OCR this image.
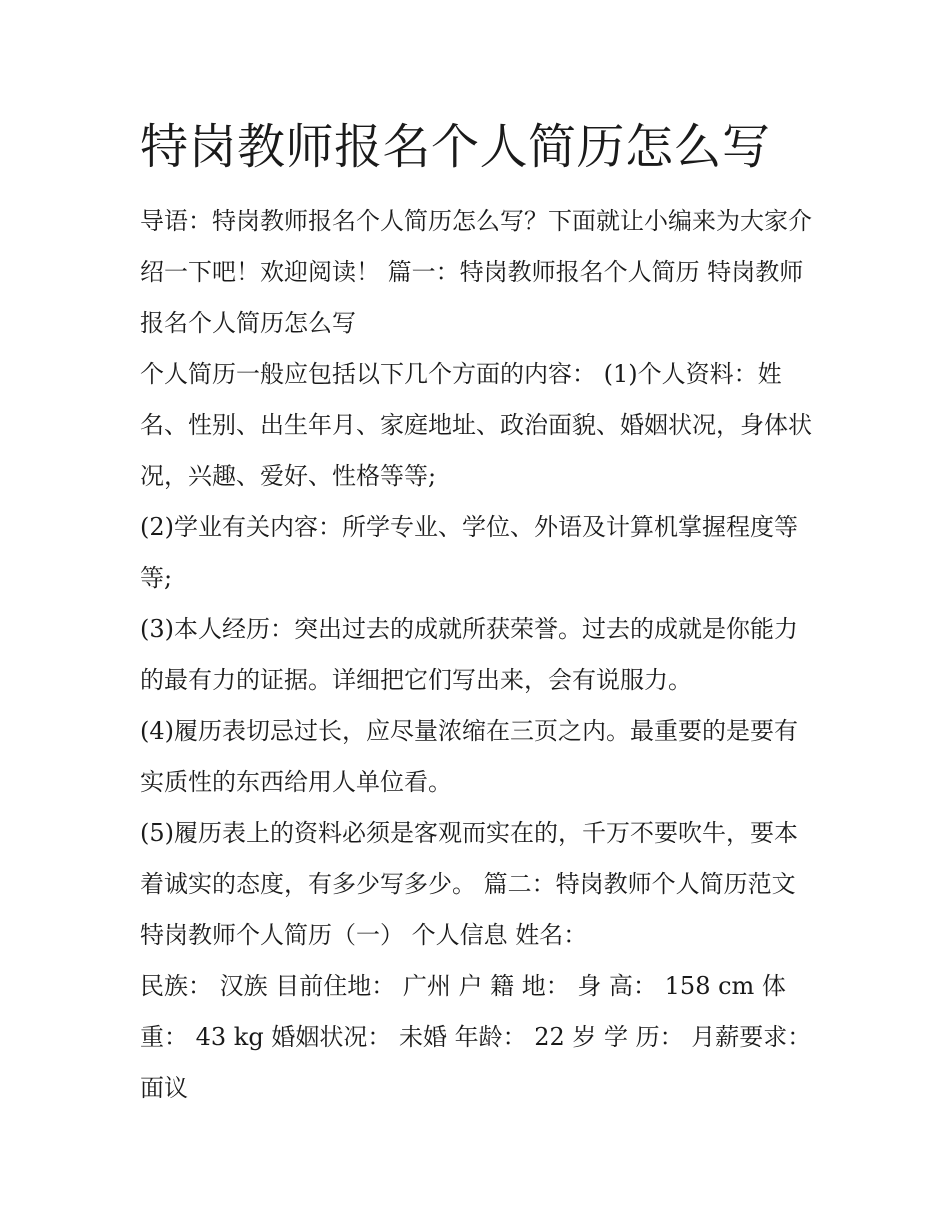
特岗教师报名个人简历怎么写

导语：特岗教师报名个人简历怎么写？下面就让小编来为大家介绍一下吧！欢迎阅读！ 篇一：特岗教师报名个人简历 特岗教师报名个人简历怎么写

个人简历一般应包括以下几个方面的内容： (1)个人资料：姓名、性别、出生年月、家庭地址、政治面貌、婚姻状况，身体状况，兴趣、爱好、性格等等;

(2)学业有关内容：所学专业、学位、外语及计算机掌握程度等等;

(3)本人经历：突出过去的成就所获荣誉。过去的成就是你能力的最有力的证据。详细把它们写出来，会有说服力。

(4)履历表切忌过长，应尽量浓缩在三页之内。最重要的是要有实质性的东西给用人单位看。

(5)履历表上的资料必须是客观而实在的，千万不要吹牛，要本着诚实的态度，有多少写多少。 篇二：特岗教师个人简历范文 特岗教师个人简历（一） 个人信息 姓名：

民族： 汉族 目前住地： 广州 户 籍 地： 身 高： 158 cm 体重： 43 kg 婚姻状况： 未婚 年龄： 22 岁 学 历： 月薪要求： 面议
